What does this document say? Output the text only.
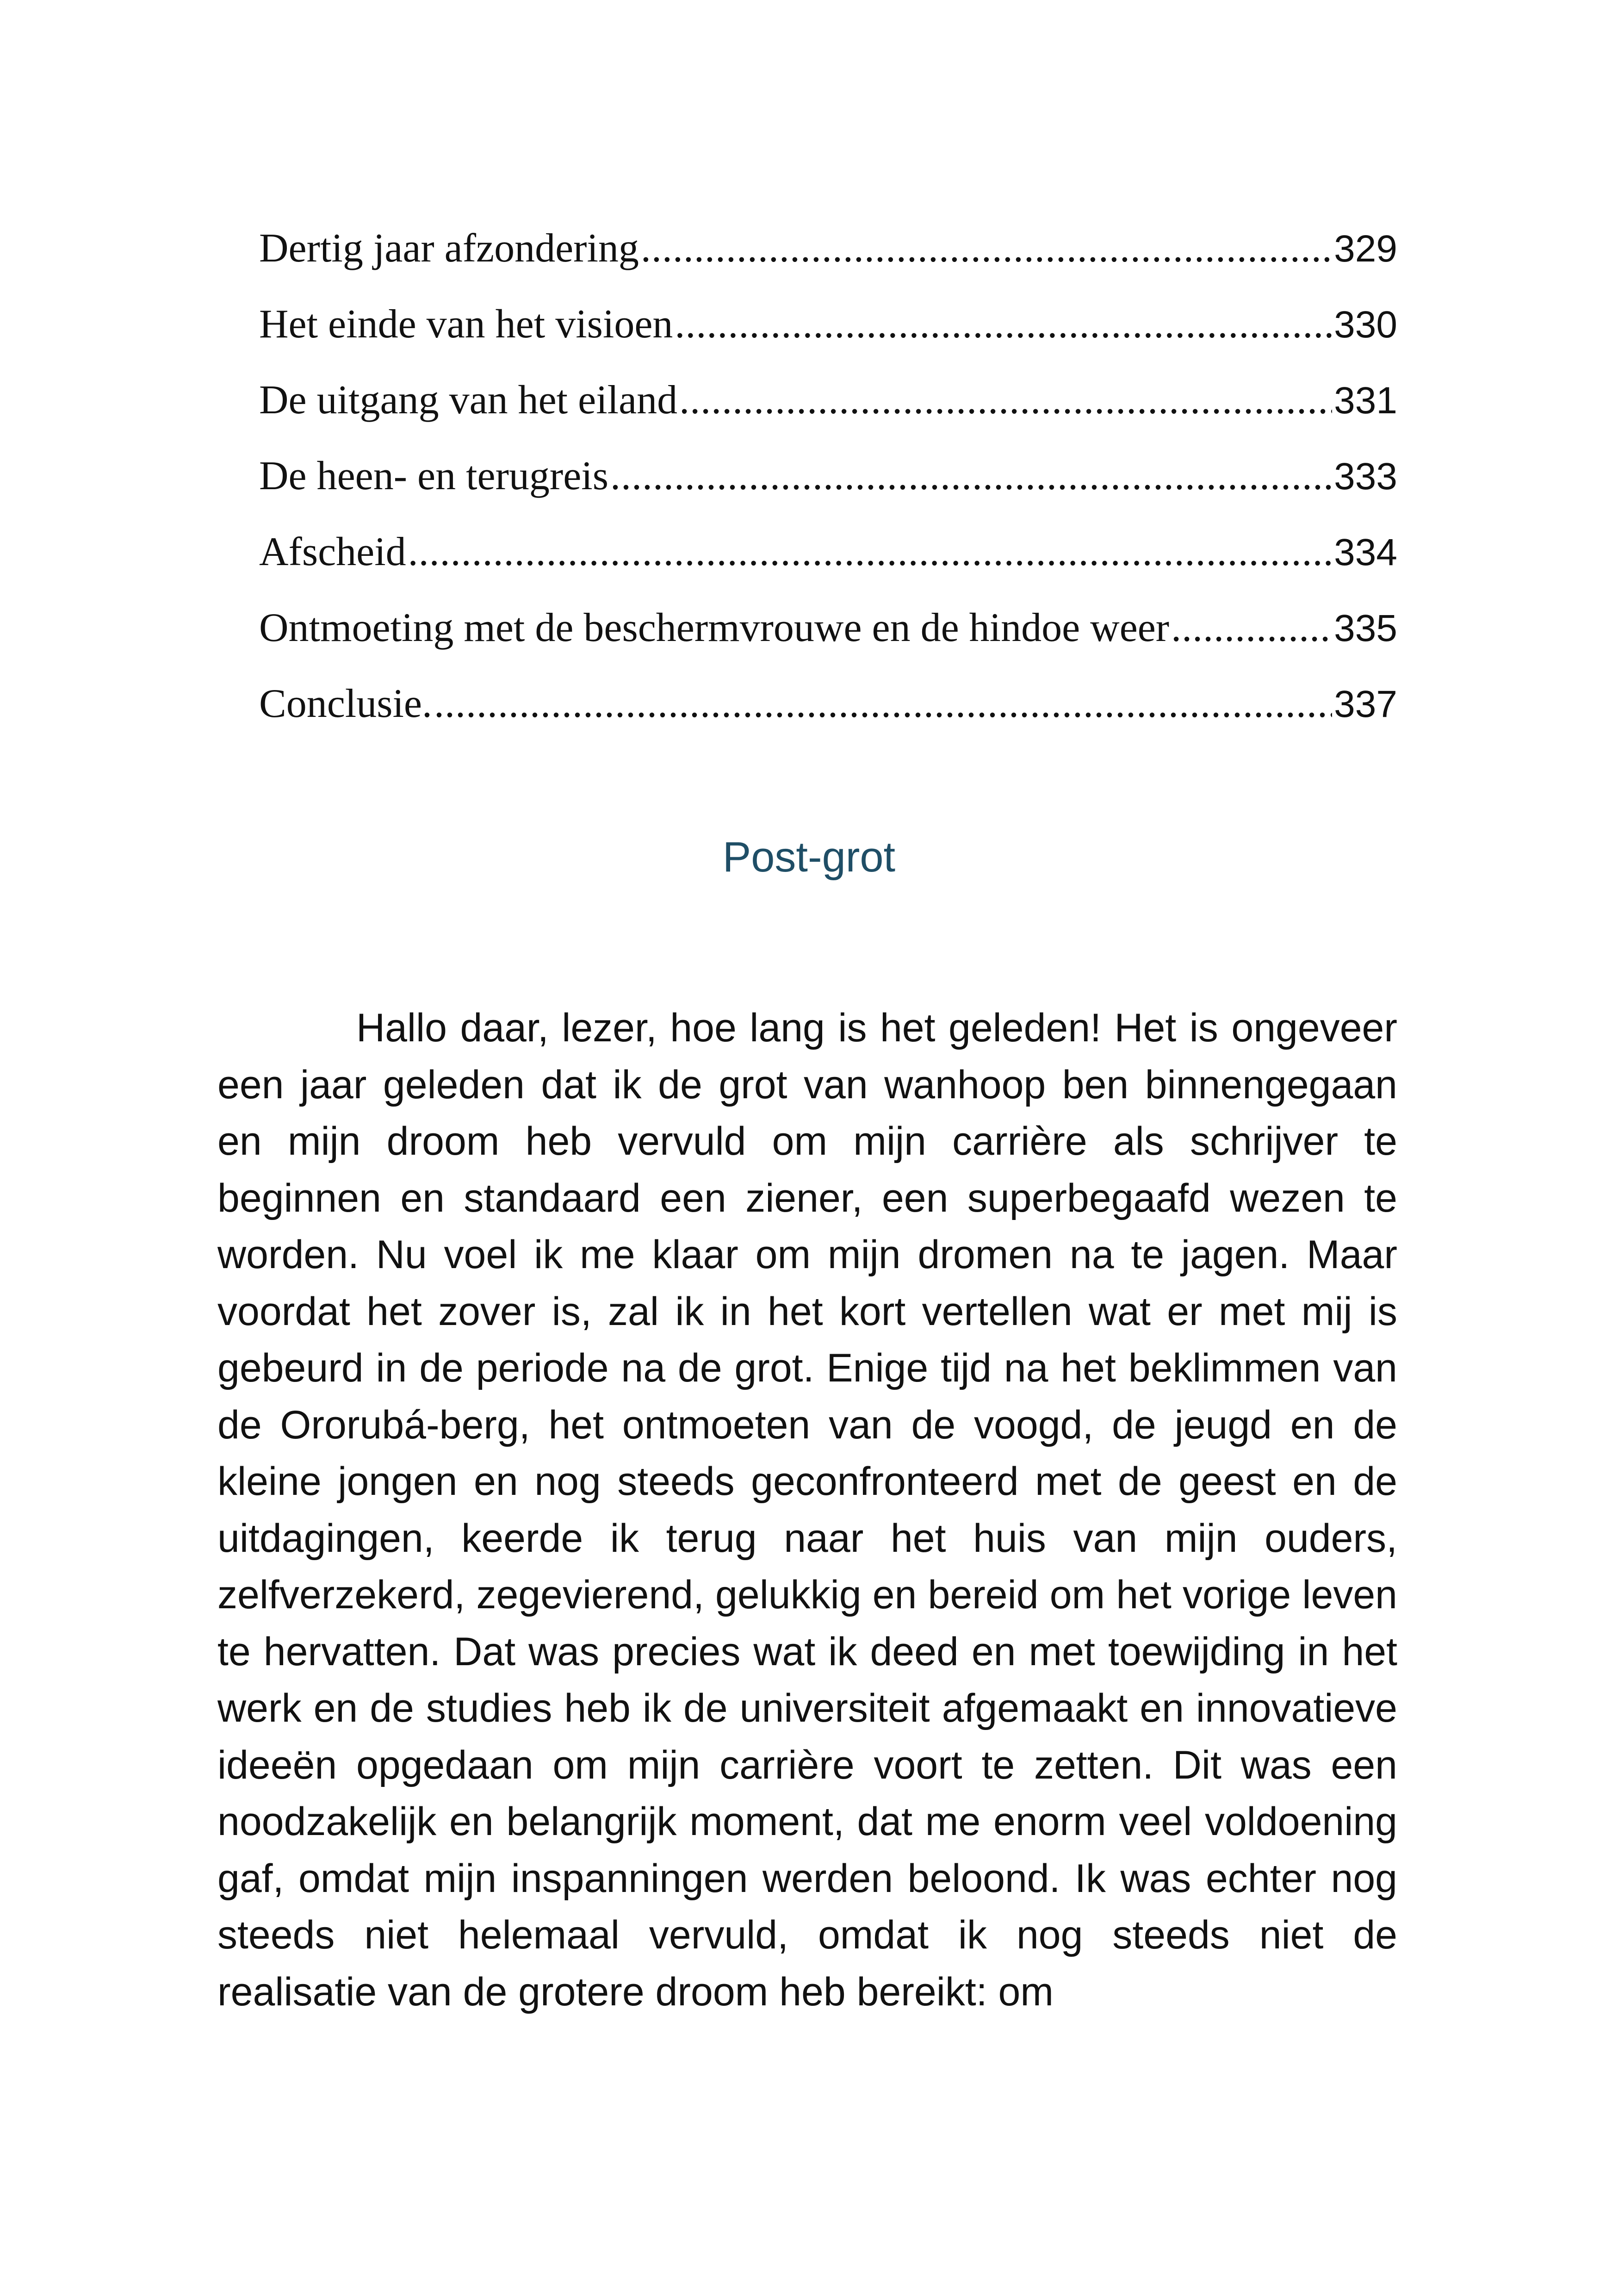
Dertig jaar afzondering .....	329
Het einde van het visioen .....	330
De uitgang van het eiland .....	331
De heen- en terugreis .....	333
Afscheid .....	334
Ontmoeting met de beschermvrouwe en de hindoe weer .....	335
Conclusie. .....	337
Post-grot

Hallo daar, lezer, hoe lang is het geleden! Het is ongeveer een jaar geleden dat ik de grot van wanhoop ben binnengegaan en mijn droom heb vervuld om mijn carrière als schrijver te beginnen en standaard een ziener, een superbegaafd wezen te worden. Nu voel ik me klaar om mijn dromen na te jagen. Maar voordat het zover is, zal ik in het kort vertellen wat er met mij is gebeurd in de periode na de grot. Enige tijd na het beklimmen van de Ororubá-berg, het ontmoeten van de voogd, de jeugd en de kleine jongen en nog steeds geconfronteerd met de geest en de uitdagingen, keerde ik terug naar het huis van mijn ouders, zelfverzekerd, zegevierend, gelukkig en bereid om het vorige leven te hervatten. Dat was precies wat ik deed en met toewijding in het werk en de studies heb ik de universiteit afgemaakt en innovatieve ideeën opgedaan om mijn carrière voort te zetten. Dit was een noodzakelijk en belangrijk moment, dat me enorm veel voldoening gaf, omdat mijn inspanningen werden beloond. Ik was echter nog steeds niet helemaal vervuld, omdat ik nog steeds niet de realisatie van de grotere droom heb bereikt: om
